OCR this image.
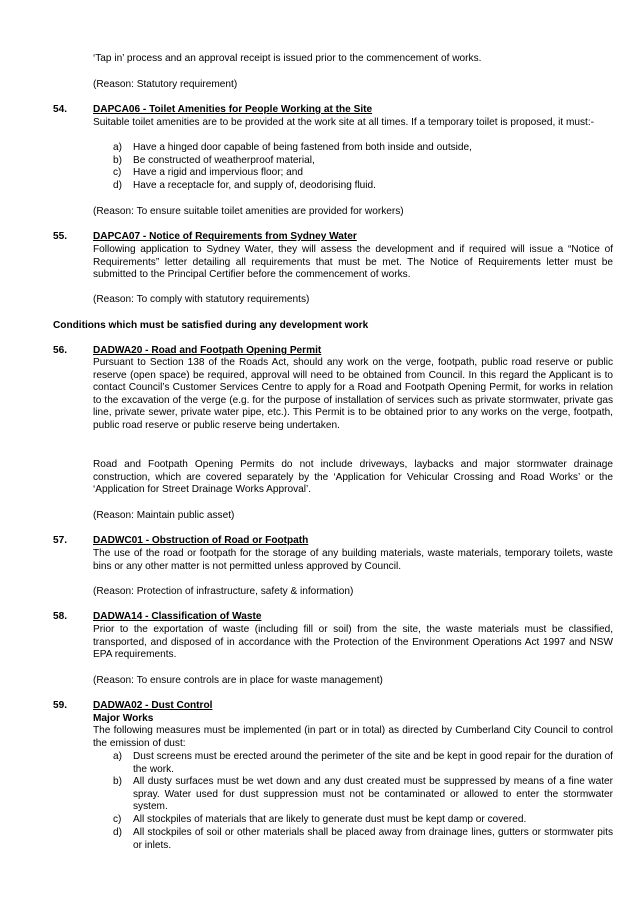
‘Tap in’ process and an approval receipt is issued prior to the commencement of works.

(Reason: Statutory requirement)

54.	DAPCA06 - Toilet Amenities for People Working at the Site

Suitable toilet amenities are to be provided at the work site at all times. If a temporary toilet is proposed, it must:-

a) Have a hinged door capable of being fastened from both inside and outside,

b) Be constructed of weatherproof material,

c) Have a rigid and impervious floor; and

d) Have a receptacle for, and supply of, deodorising fluid.

(Reason: To ensure suitable toilet amenities are provided for workers)

55.	DAPCA07 - Notice of Requirements from Sydney Water

Following application to Sydney Water, they will assess the development and if required will issue a “Notice of Requirements” letter detailing all requirements that must be met. The Notice of Requirements letter must be submitted to the Principal Certifier before the commencement of works.

(Reason: To comply with statutory requirements)

Conditions which must be satisfied during any development work

56.	DADWA20 - Road and Footpath Opening Permit

Pursuant to Section 138 of the Roads Act, should any work on the verge, footpath, public road reserve or public reserve (open space) be required, approval will need to be obtained from Council. In this regard the Applicant is to contact Council’s Customer Services Centre to apply for a Road and Footpath Opening Permit, for works in relation to the excavation of the verge (e.g. for the purpose of installation of services such as private stormwater, private gas line, private sewer, private water pipe, etc.). This Permit is to be obtained prior to any works on the verge, footpath, public road reserve or public reserve being undertaken.

Road and Footpath Opening Permits do not include driveways, laybacks and major stormwater drainage construction, which are covered separately by the ‘Application for Vehicular Crossing and Road Works’ or the ‘Application for Street Drainage Works Approval’.

(Reason: Maintain public asset)

57.	DADWC01 - Obstruction of Road or Footpath

The use of the road or footpath for the storage of any building materials, waste materials, temporary toilets, waste bins or any other matter is not permitted unless approved by Council.

(Reason: Protection of infrastructure, safety & information)

58.	DADWA14 - Classification of Waste

Prior to the exportation of waste (including fill or soil) from the site, the waste materials must be classified, transported, and disposed of in accordance with the Protection of the Environment Operations Act 1997 and NSW EPA requirements.

(Reason: To ensure controls are in place for waste management)

59.	DADWA02 - Dust Control

Major Works

The following measures must be implemented (in part or in total) as directed by Cumberland City Council to control the emission of dust:

a) Dust screens must be erected around the perimeter of the site and be kept in good repair for the duration of the work.

b) All dusty surfaces must be wet down and any dust created must be suppressed by means of a fine water spray. Water used for dust suppression must not be contaminated or allowed to enter the stormwater system.

c) All stockpiles of materials that are likely to generate dust must be kept damp or covered.

d) All stockpiles of soil or other materials shall be placed away from drainage lines, gutters or stormwater pits or inlets.
